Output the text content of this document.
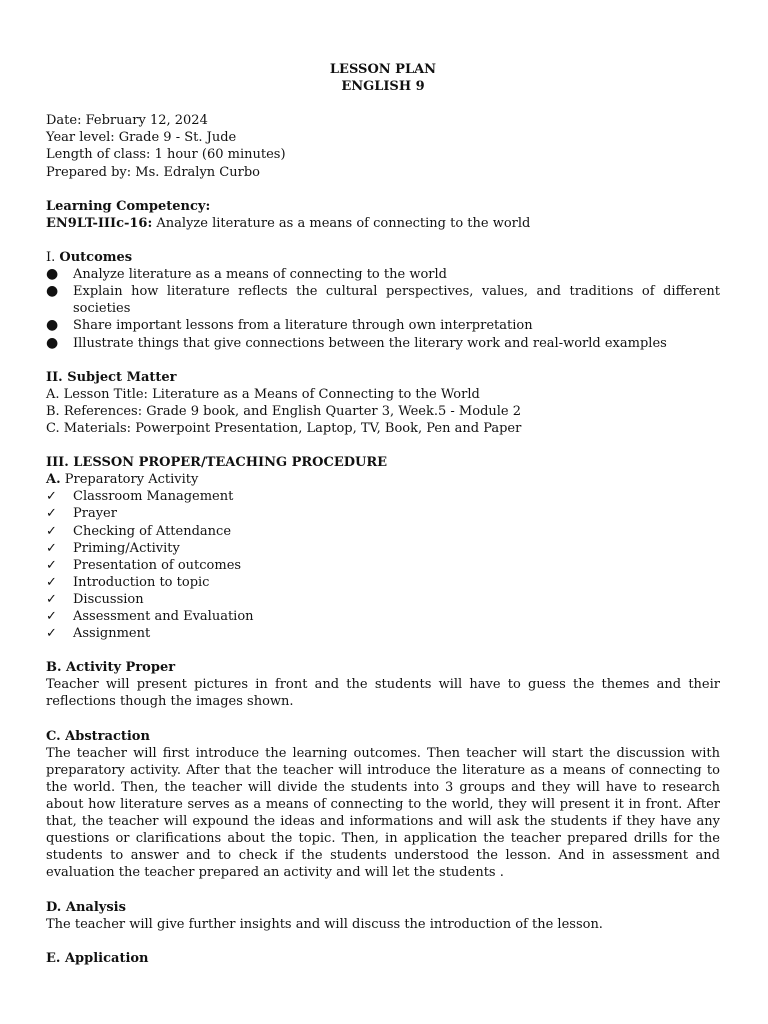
LESSON PLAN
ENGLISH 9
Date: February 12, 2024
Year level: Grade 9 - St. Jude
Length of class: 1 hour (60 minutes)
Prepared by: Ms. Edralyn Curbo
Learning Competency:
EN9LT-IIIc-16: Analyze literature as a means of connecting to the world
I. Outcomes
●	Analyze literature as a means of connecting to the world
●	Explain how literature reflects the cultural perspectives, values, and traditions of different societies
●	Share important lessons from a literature through own interpretation
●	Illustrate things that give connections between the literary work and real-world examples
II. Subject Matter
A. Lesson Title: Literature as a Means of Connecting to the World
B. References: Grade 9 book, and English Quarter 3, Week.5 - Module 2
C. Materials: Powerpoint Presentation, Laptop, TV, Book, Pen and Paper
III. LESSON PROPER/TEACHING PROCEDURE
A. Preparatory Activity
✓	Classroom Management
✓	Prayer
✓	Checking of Attendance
✓	Priming/Activity
✓	Presentation of outcomes
✓	Introduction to topic
✓	Discussion
✓	Assessment and Evaluation
✓	Assignment
B. Activity Proper

Teacher will present pictures in front and the students will have to guess the themes and their reflections though the images shown.

C. Abstraction

The teacher will first introduce the learning outcomes. Then teacher will start the discussion with preparatory activity. After that the teacher will introduce the literature as a means of connecting to the world. Then, the teacher will divide the students into 3 groups and they will have to research about how literature serves as a means of connecting to the world, they will present it in front. After that, the teacher will expound the ideas and informations and will ask the students if they have any questions or clarifications about the topic. Then, in application the teacher prepared drills for the students to answer and to check if the students understood the lesson. And in assessment and evaluation the teacher prepared an activity and will let the students .

D. Analysis

The teacher will give further insights and will discuss the introduction of the lesson.

E. Application
